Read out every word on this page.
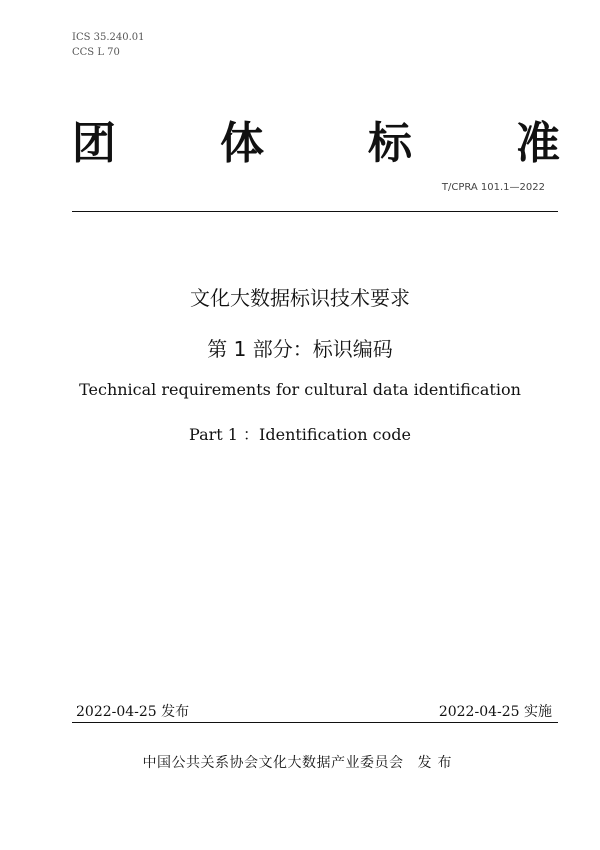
ICS 35.240.01
CCS L 70
团 体 标 准
T/CPRA 101.1—2022
文化大数据标识技术要求
第 1 部分：标识编码
Technical requirements for cultural data identification
Part 1 ：Identification code
2022-04-25 发布	2022-04-25 实施
中国公共关系协会文化大数据产业委员会 发布
